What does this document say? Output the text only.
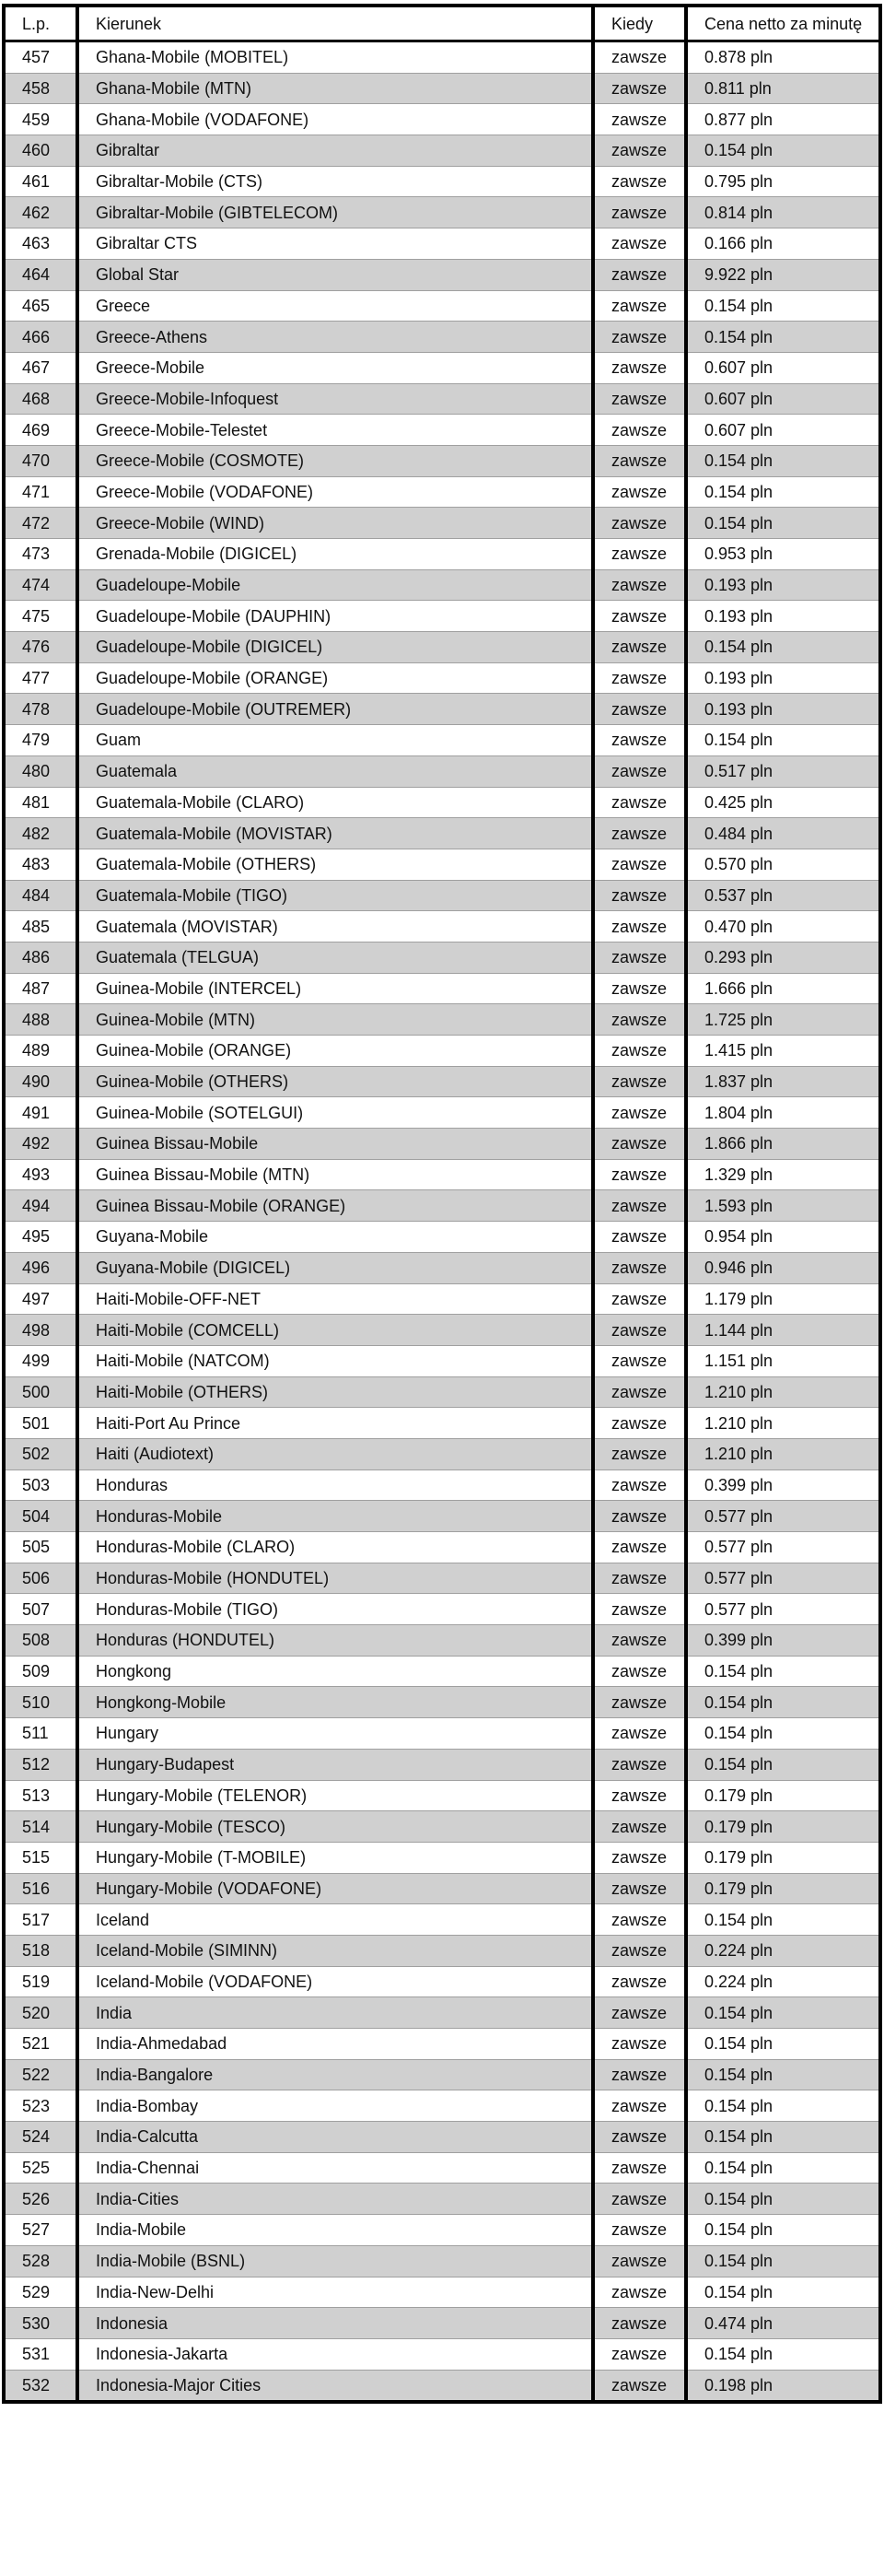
L.p.	Kierunek	Kiedy	Cena netto za minutę
457	Ghana-Mobile (MOBITEL)	zawsze	0.878 pln
458	Ghana-Mobile (MTN)	zawsze	0.811 pln
459	Ghana-Mobile (VODAFONE)	zawsze	0.877 pln
460	Gibraltar	zawsze	0.154 pln
461	Gibraltar-Mobile (CTS)	zawsze	0.795 pln
462	Gibraltar-Mobile (GIBTELECOM)	zawsze	0.814 pln
463	Gibraltar CTS	zawsze	0.166 pln
464	Global Star	zawsze	9.922 pln
465	Greece	zawsze	0.154 pln
466	Greece-Athens	zawsze	0.154 pln
467	Greece-Mobile	zawsze	0.607 pln
468	Greece-Mobile-Infoquest	zawsze	0.607 pln
469	Greece-Mobile-Telestet	zawsze	0.607 pln
470	Greece-Mobile (COSMOTE)	zawsze	0.154 pln
471	Greece-Mobile (VODAFONE)	zawsze	0.154 pln
472	Greece-Mobile (WIND)	zawsze	0.154 pln
473	Grenada-Mobile (DIGICEL)	zawsze	0.953 pln
474	Guadeloupe-Mobile	zawsze	0.193 pln
475	Guadeloupe-Mobile (DAUPHIN)	zawsze	0.193 pln
476	Guadeloupe-Mobile (DIGICEL)	zawsze	0.154 pln
477	Guadeloupe-Mobile (ORANGE)	zawsze	0.193 pln
478	Guadeloupe-Mobile (OUTREMER)	zawsze	0.193 pln
479	Guam	zawsze	0.154 pln
480	Guatemala	zawsze	0.517 pln
481	Guatemala-Mobile (CLARO)	zawsze	0.425 pln
482	Guatemala-Mobile (MOVISTAR)	zawsze	0.484 pln
483	Guatemala-Mobile (OTHERS)	zawsze	0.570 pln
484	Guatemala-Mobile (TIGO)	zawsze	0.537 pln
485	Guatemala (MOVISTAR)	zawsze	0.470 pln
486	Guatemala (TELGUA)	zawsze	0.293 pln
487	Guinea-Mobile (INTERCEL)	zawsze	1.666 pln
488	Guinea-Mobile (MTN)	zawsze	1.725 pln
489	Guinea-Mobile (ORANGE)	zawsze	1.415 pln
490	Guinea-Mobile (OTHERS)	zawsze	1.837 pln
491	Guinea-Mobile (SOTELGUI)	zawsze	1.804 pln
492	Guinea Bissau-Mobile	zawsze	1.866 pln
493	Guinea Bissau-Mobile (MTN)	zawsze	1.329 pln
494	Guinea Bissau-Mobile (ORANGE)	zawsze	1.593 pln
495	Guyana-Mobile	zawsze	0.954 pln
496	Guyana-Mobile (DIGICEL)	zawsze	0.946 pln
497	Haiti-Mobile-OFF-NET	zawsze	1.179 pln
498	Haiti-Mobile (COMCELL)	zawsze	1.144 pln
499	Haiti-Mobile (NATCOM)	zawsze	1.151 pln
500	Haiti-Mobile (OTHERS)	zawsze	1.210 pln
501	Haiti-Port Au Prince	zawsze	1.210 pln
502	Haiti (Audiotext)	zawsze	1.210 pln
503	Honduras	zawsze	0.399 pln
504	Honduras-Mobile	zawsze	0.577 pln
505	Honduras-Mobile (CLARO)	zawsze	0.577 pln
506	Honduras-Mobile (HONDUTEL)	zawsze	0.577 pln
507	Honduras-Mobile (TIGO)	zawsze	0.577 pln
508	Honduras (HONDUTEL)	zawsze	0.399 pln
509	Hongkong	zawsze	0.154 pln
510	Hongkong-Mobile	zawsze	0.154 pln
511	Hungary	zawsze	0.154 pln
512	Hungary-Budapest	zawsze	0.154 pln
513	Hungary-Mobile (TELENOR)	zawsze	0.179 pln
514	Hungary-Mobile (TESCO)	zawsze	0.179 pln
515	Hungary-Mobile (T-MOBILE)	zawsze	0.179 pln
516	Hungary-Mobile (VODAFONE)	zawsze	0.179 pln
517	Iceland	zawsze	0.154 pln
518	Iceland-Mobile (SIMINN)	zawsze	0.224 pln
519	Iceland-Mobile (VODAFONE)	zawsze	0.224 pln
520	India	zawsze	0.154 pln
521	India-Ahmedabad	zawsze	0.154 pln
522	India-Bangalore	zawsze	0.154 pln
523	India-Bombay	zawsze	0.154 pln
524	India-Calcutta	zawsze	0.154 pln
525	India-Chennai	zawsze	0.154 pln
526	India-Cities	zawsze	0.154 pln
527	India-Mobile	zawsze	0.154 pln
528	India-Mobile (BSNL)	zawsze	0.154 pln
529	India-New-Delhi	zawsze	0.154 pln
530	Indonesia	zawsze	0.474 pln
531	Indonesia-Jakarta	zawsze	0.154 pln
532	Indonesia-Major Cities	zawsze	0.198 pln
